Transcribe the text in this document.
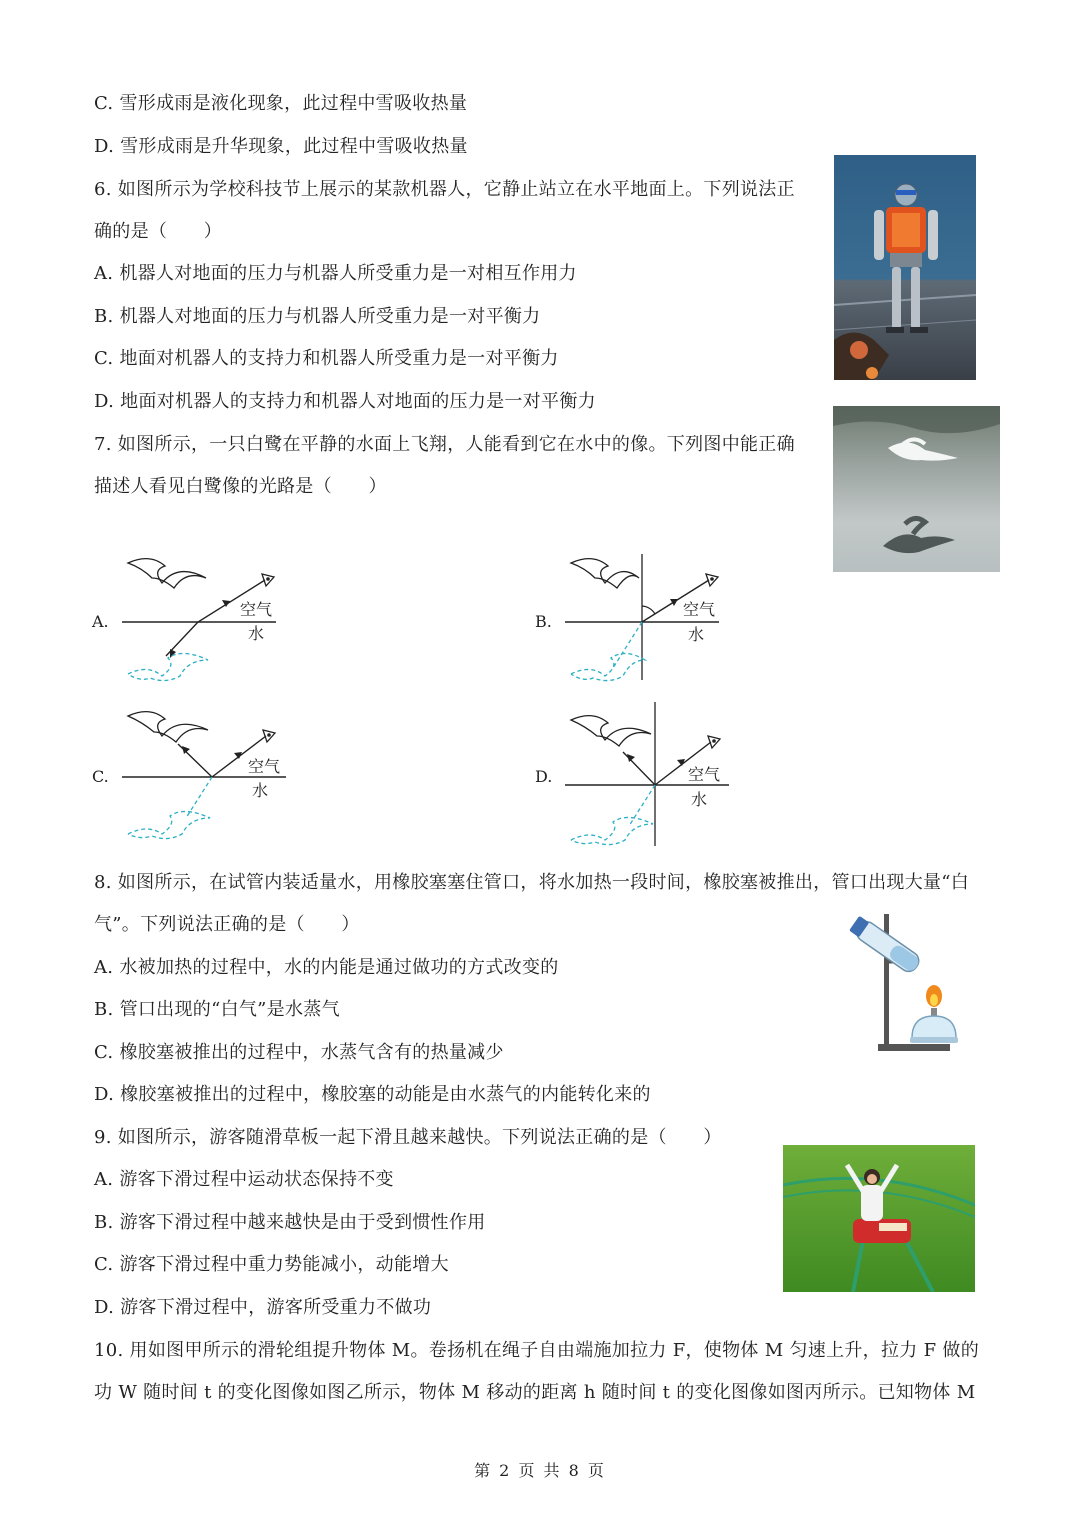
C. 雪形成雨是液化现象，此过程中雪吸收热量
D. 雪形成雨是升华现象，此过程中雪吸收热量
6. 如图所示为学校科技节上展示的某款机器人，它静止站立在水平地面上。下列说法正
确的是（　　）
A. 机器人对地面的压力与机器人所受重力是一对相互作用力
B. 机器人对地面的压力与机器人所受重力是一对平衡力
C. 地面对机器人的支持力和机器人所受重力是一对平衡力
D. 地面对机器人的支持力和机器人对地面的压力是一对平衡力
7. 如图所示，一只白鹭在平静的水面上飞翔，人能看到它在水中的像。下列图中能正确
描述人看见白鹭像的光路是（　　）
A.
空气
水
B.
空气
水
C.
空气
水
D.	空气
水
8. 如图所示，在试管内装适量水，用橡胶塞塞住管口，将水加热一段时间，橡胶塞被推出，管口出现大量“白
气”。下列说法正确的是（　　）
A. 水被加热的过程中，水的内能是通过做功的方式改变的
B. 管口出现的“白气”是水蒸气
C. 橡胶塞被推出的过程中，水蒸气含有的热量减少
D. 橡胶塞被推出的过程中，橡胶塞的动能是由水蒸气的内能转化来的
9. 如图所示，游客随滑草板一起下滑且越来越快。下列说法正确的是（　　）
A. 游客下滑过程中运动状态保持不变
B. 游客下滑过程中越来越快是由于受到惯性作用
C. 游客下滑过程中重力势能减小，动能增大
D. 游客下滑过程中，游客所受重力不做功
10. 用如图甲所示的滑轮组提升物体 M。卷扬机在绳子自由端施加拉力 F，使物体 M 匀速上升，拉力 F 做的
功 W 随时间 t 的变化图像如图乙所示，物体 M 移动的距离 h 随时间 t 的变化图像如图丙所示。已知物体 M
第 2 页 共 8 页
